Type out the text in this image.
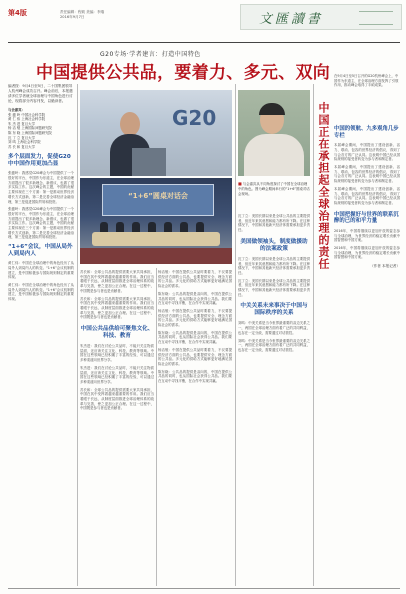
第4版	责任编辑：程莉 美编：李瑞
2016年9月7日	文匯讀書
G20专场·学者建言：打造中国特色
中国提供公共品，要着力、多元、双向

编者按：9月4日至5日，二十国集团领导人杭州峰会成功召开。峰会前后，本报邀请多位学者就全球治理与中国角色进行讨论，现将部分内容刊发，以飨读者。

与会嘉宾：
张 蕴 岭 中国社会科学院
黄 仁 伟 上海社会科学院
朱 杰 进 复旦大学
杨 洁 勉 上海国际问题研究院
陈 东 晓 上海国际问题研究院
沈 丁 立 复旦大学
刘 鸣 上海社会科学院
苏 长 和 复旦大学
多个层面发力，促使G20中中国作用更加凸显

张蕴岭：我感觉G20峰会为中国提供了一个很好的平台，中国作为东道主，在全球治理方面提出了很多新理念、新倡议，也做了很多实际工作。这次峰会的主题，中国的贡献主要体现在三个方面：第一是推动世界经济增长方式创新，第二是完善全球经济金融治理，第三是促进国际贸易和投资。

张蕴岭：我感觉G20峰会为中国提供了一个很好的平台，中国作为东道主，在全球治理方面提出了很多新理念、新倡议，也做了很多实际工作。这次峰会的主题，中国的贡献主要体现在三个方面：第一是推动世界经济增长方式创新，第二是完善全球经济金融治理，第三是促进国际贸易和投资。

“1+6”会议，中国从局外人到局内人

黄仁伟：中国在全球治理中的角色经历了从局外人到局内人的转变。“1+6”会议机制的建立，是中国积极参与国际规则制定的重要体现。

黄仁伟：中国在全球治理中的角色经历了从局外人到局内人的转变。“1+6”会议机制的建立，是中国积极参与国际规则制定的重要体现。

G20
“1+6”圆桌对话会
■ 与会嘉宾从不同角度探讨了中国在全球治理中的角色。图为峰会期间举行的“1+6”圆桌对话会现场。

苏长和：全球公共品的提供需要大家共同承担，中国在其中发挥着越来越重要的作用。我们应当着眼于长远，从制度层面推进全球治理体系的改革与完善，使之更加公正合理。在这一过程中，中国既是参与者也是贡献者。

苏长和：全球公共品的提供需要大家共同承担，中国在其中发挥着越来越重要的作用。我们应当着眼于长远，从制度层面推进全球治理体系的改革与完善，使之更加公正合理。在这一过程中，中国既是参与者也是贡献者。

中国公共品供给可聚焦文化、科技、教育

朱杰进：我们在讨论公共品时，不能只关注物质层面，还应该关注文化、科技、教育等领域。中国在这些领域已经积累了丰富的经验，可以通过多种渠道向世界分享。

朱杰进：我们在讨论公共品时，不能只关注物质层面，还应该关注文化、科技、教育等领域。中国在这些领域已经积累了丰富的经验，可以通过多种渠道向世界分享。

苏长和：全球公共品的提供需要大家共同承担，中国在其中发挥着越来越重要的作用。我们应当着眼于长远，从制度层面推进全球治理体系的改革与完善，使之更加公正合理。在这一过程中，中国既是参与者也是贡献者。

杨洁勉：中国在提供公共品时要着力，不仅要提供经济方面的公共品，也要提供安全、理念方面的公共品。多元化的供给方式能够更好地满足国际社会的需求。

陈东晓：公共品的提供是双向的，中国在提供公共品的同时，也从国际社会获得公共品。我们要在互动中寻找平衡，在合作中实现共赢。

杨洁勉：中国在提供公共品时要着力，不仅要提供经济方面的公共品，也要提供安全、理念方面的公共品。多元化的供给方式能够更好地满足国际社会的需求。

陈东晓：公共品的提供是双向的，中国在提供公共品的同时，也从国际社会获得公共品。我们要在互动中寻找平衡，在合作中实现共赢。

杨洁勉：中国在提供公共品时要着力，不仅要提供经济方面的公共品，也要提供安全、理念方面的公共品。多元化的供给方式能够更好地满足国际社会的需求。

陈东晓：公共品的提供是双向的，中国在提供公共品的同时，也从国际社会获得公共品。我们要在互动中寻找平衡，在合作中实现共赢。

沈丁立：美国长期以来是全球公共品的主要提供者，但近年来其意愿和能力都有所下降。在这种情况下，中国和其他新兴经济体需要承担更多责任。

美国做领袖头，制度做援助的法案政策

沈丁立：美国长期以来是全球公共品的主要提供者，但近年来其意愿和能力都有所下降。在这种情况下，中国和其他新兴经济体需要承担更多责任。

沈丁立：美国长期以来是全球公共品的主要提供者，但近年来其意愿和能力都有所下降。在这种情况下，中国和其他新兴经济体需要承担更多责任。

中关关系未来事决于中国与国际秩序的关系

刘鸣：中美关系是当今世界最重要的双边关系之一，两国在全球治理方面有着广泛的共同利益，也存在一定分歧，需要通过对话管控。

刘鸣：中美关系是当今世界最重要的双边关系之一，两国在全球治理方面有着广泛的共同利益，也存在一定分歧，需要通过对话管控。

在9月4日至5日召开的G20杭州峰会上，中国作为东道主，在全球治理方面发挥了引领作用，推动峰会取得了丰硕成果。
中国正在承担起全球治理的责任 中国的领航、九多观角几步专栏

本届峰会期间，中国提出了建设创新、活力、联动、包容的世界经济的倡议，得到了与会各方的广泛认同。这表明中国已经从国际规则的接受者转变为参与者和制定者。

本届峰会期间，中国提出了建设创新、活力、联动、包容的世界经济的倡议，得到了与会各方的广泛认同。这表明中国已经从国际规则的接受者转变为参与者和制定者。

本届峰会期间，中国提出了建设创新、活力、联动、包容的世界经济的倡议，得到了与会各方的广泛认同。这表明中国已经从国际规则的接受者转变为参与者和制定者。

中国把握好与世界的联系沉醉的已的和平力量

2016年，中国将继续以更加开放的姿态参与全球治理，为世界经济的稳定增长贡献中国智慧和中国方案。

2016年，中国将继续以更加开放的姿态参与全球治理，为世界经济的稳定增长贡献中国智慧和中国方案。

（作者 本报记者）
